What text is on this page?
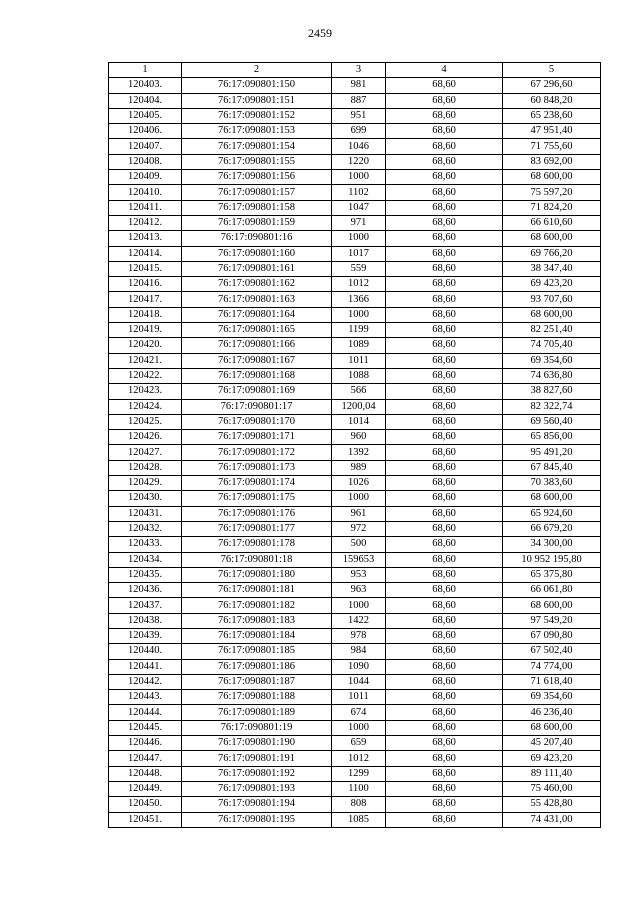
2459
1	2	3	4	5
120403.	76:17:090801:150	981	68,60	67 296,60
120404.	76:17:090801:151	887	68,60	60 848,20
120405.	76:17:090801:152	951	68,60	65 238,60
120406.	76:17:090801:153	699	68,60	47 951,40
120407.	76:17:090801:154	1046	68,60	71 755,60
120408.	76:17:090801:155	1220	68,60	83 692,00
120409.	76:17:090801:156	1000	68,60	68 600,00
120410.	76:17:090801:157	1102	68,60	75 597,20
120411.	76:17:090801:158	1047	68,60	71 824,20
120412.	76:17:090801:159	971	68,60	66 610,60
120413.	76:17:090801:16	1000	68,60	68 600,00
120414.	76:17:090801:160	1017	68,60	69 766,20
120415.	76:17:090801:161	559	68,60	38 347,40
120416.	76:17:090801:162	1012	68,60	69 423,20
120417.	76:17:090801:163	1366	68,60	93 707,60
120418.	76:17:090801:164	1000	68,60	68 600,00
120419.	76:17:090801:165	1199	68,60	82 251,40
120420.	76:17:090801:166	1089	68,60	74 705,40
120421.	76:17:090801:167	1011	68,60	69 354,60
120422.	76:17:090801:168	1088	68,60	74 636,80
120423.	76:17:090801:169	566	68,60	38 827,60
120424.	76:17:090801:17	1200,04	68,60	82 322,74
120425.	76:17:090801:170	1014	68,60	69 560,40
120426.	76:17:090801:171	960	68,60	65 856,00
120427.	76:17:090801:172	1392	68,60	95 491,20
120428.	76:17:090801:173	989	68,60	67 845,40
120429.	76:17:090801:174	1026	68,60	70 383,60
120430.	76:17:090801:175	1000	68,60	68 600,00
120431.	76:17:090801:176	961	68,60	65 924,60
120432.	76:17:090801:177	972	68,60	66 679,20
120433.	76:17:090801:178	500	68,60	34 300,00
120434.	76:17:090801:18	159653	68,60	10 952 195,80
120435.	76:17:090801:180	953	68,60	65 375,80
120436.	76:17:090801:181	963	68,60	66 061,80
120437.	76:17:090801:182	1000	68,60	68 600,00
120438.	76:17:090801:183	1422	68,60	97 549,20
120439.	76:17:090801:184	978	68,60	67 090,80
120440.	76:17:090801:185	984	68,60	67 502,40
120441.	76:17:090801:186	1090	68,60	74 774,00
120442.	76:17:090801:187	1044	68,60	71 618,40
120443.	76:17:090801:188	1011	68,60	69 354,60
120444.	76:17:090801:189	674	68,60	46 236,40
120445.	76:17:090801:19	1000	68,60	68 600,00
120446.	76:17:090801:190	659	68,60	45 207,40
120447.	76:17:090801:191	1012	68,60	69 423,20
120448.	76:17:090801:192	1299	68,60	89 111,40
120449.	76:17:090801:193	1100	68,60	75 460,00
120450.	76:17:090801:194	808	68,60	55 428,80
120451.	76:17:090801:195	1085	68,60	74 431,00
